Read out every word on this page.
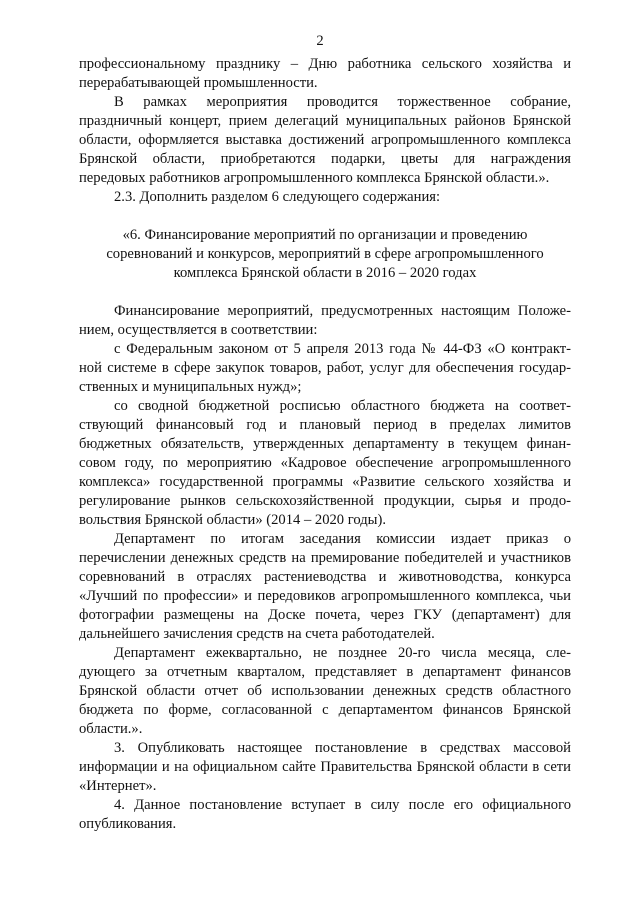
2
профессиональному празднику – Дню работника сельского хозяйства и
перерабатывающей промышленности.
В рамках мероприятия проводится торжественное собрание,
праздничный концерт, прием делегаций муниципальных районов Брянской
области, оформляется выставка достижений агропромышленного комплекса
Брянской области, приобретаются подарки, цветы для награждения
передовых работников агропромышленного комплекса Брянской области.».
2.3. Дополнить разделом 6 следующего содержания:
«6. Финансирование мероприятий по организации и проведению
соревнований и конкурсов, мероприятий в сфере агропромышленного
комплекса Брянской области в 2016 – 2020 годах
Финансирование мероприятий, предусмотренных настоящим Положе-
нием, осуществляется в соответствии:
с Федеральным законом от 5 апреля 2013 года № 44-ФЗ «О контракт-
ной системе в сфере закупок товаров, работ, услуг для обеспечения государ-
ственных и муниципальных нужд»;
со сводной бюджетной росписью областного бюджета на соответ-
ствующий финансовый год и плановый период в пределах лимитов
бюджетных обязательств, утвержденных департаменту в текущем финан-
совом году, по мероприятию «Кадровое обеспечение агропромышленного
комплекса» государственной программы «Развитие сельского хозяйства и
регулирование рынков сельскохозяйственной продукции, сырья и продо-
вольствия Брянской области» (2014 – 2020 годы).
Департамент по итогам заседания комиссии издает приказ о
перечислении денежных средств на премирование победителей и участников
соревнований в отраслях растениеводства и животноводства, конкурса
«Лучший по профессии» и передовиков агропромышленного комплекса, чьи
фотографии размещены на Доске почета, через ГКУ (департамент) для
дальнейшего зачисления средств на счета работодателей.
Департамент ежеквартально, не позднее 20-го числа месяца, сле-
дующего за отчетным кварталом, представляет в департамент финансов
Брянской области отчет об использовании денежных средств областного
бюджета по форме, согласованной с департаментом финансов Брянской
области.».
3. Опубликовать настоящее постановление в средствах массовой
информации и на официальном сайте Правительства Брянской области в сети
«Интернет».
4. Данное постановление вступает в силу после его официального
опубликования.
